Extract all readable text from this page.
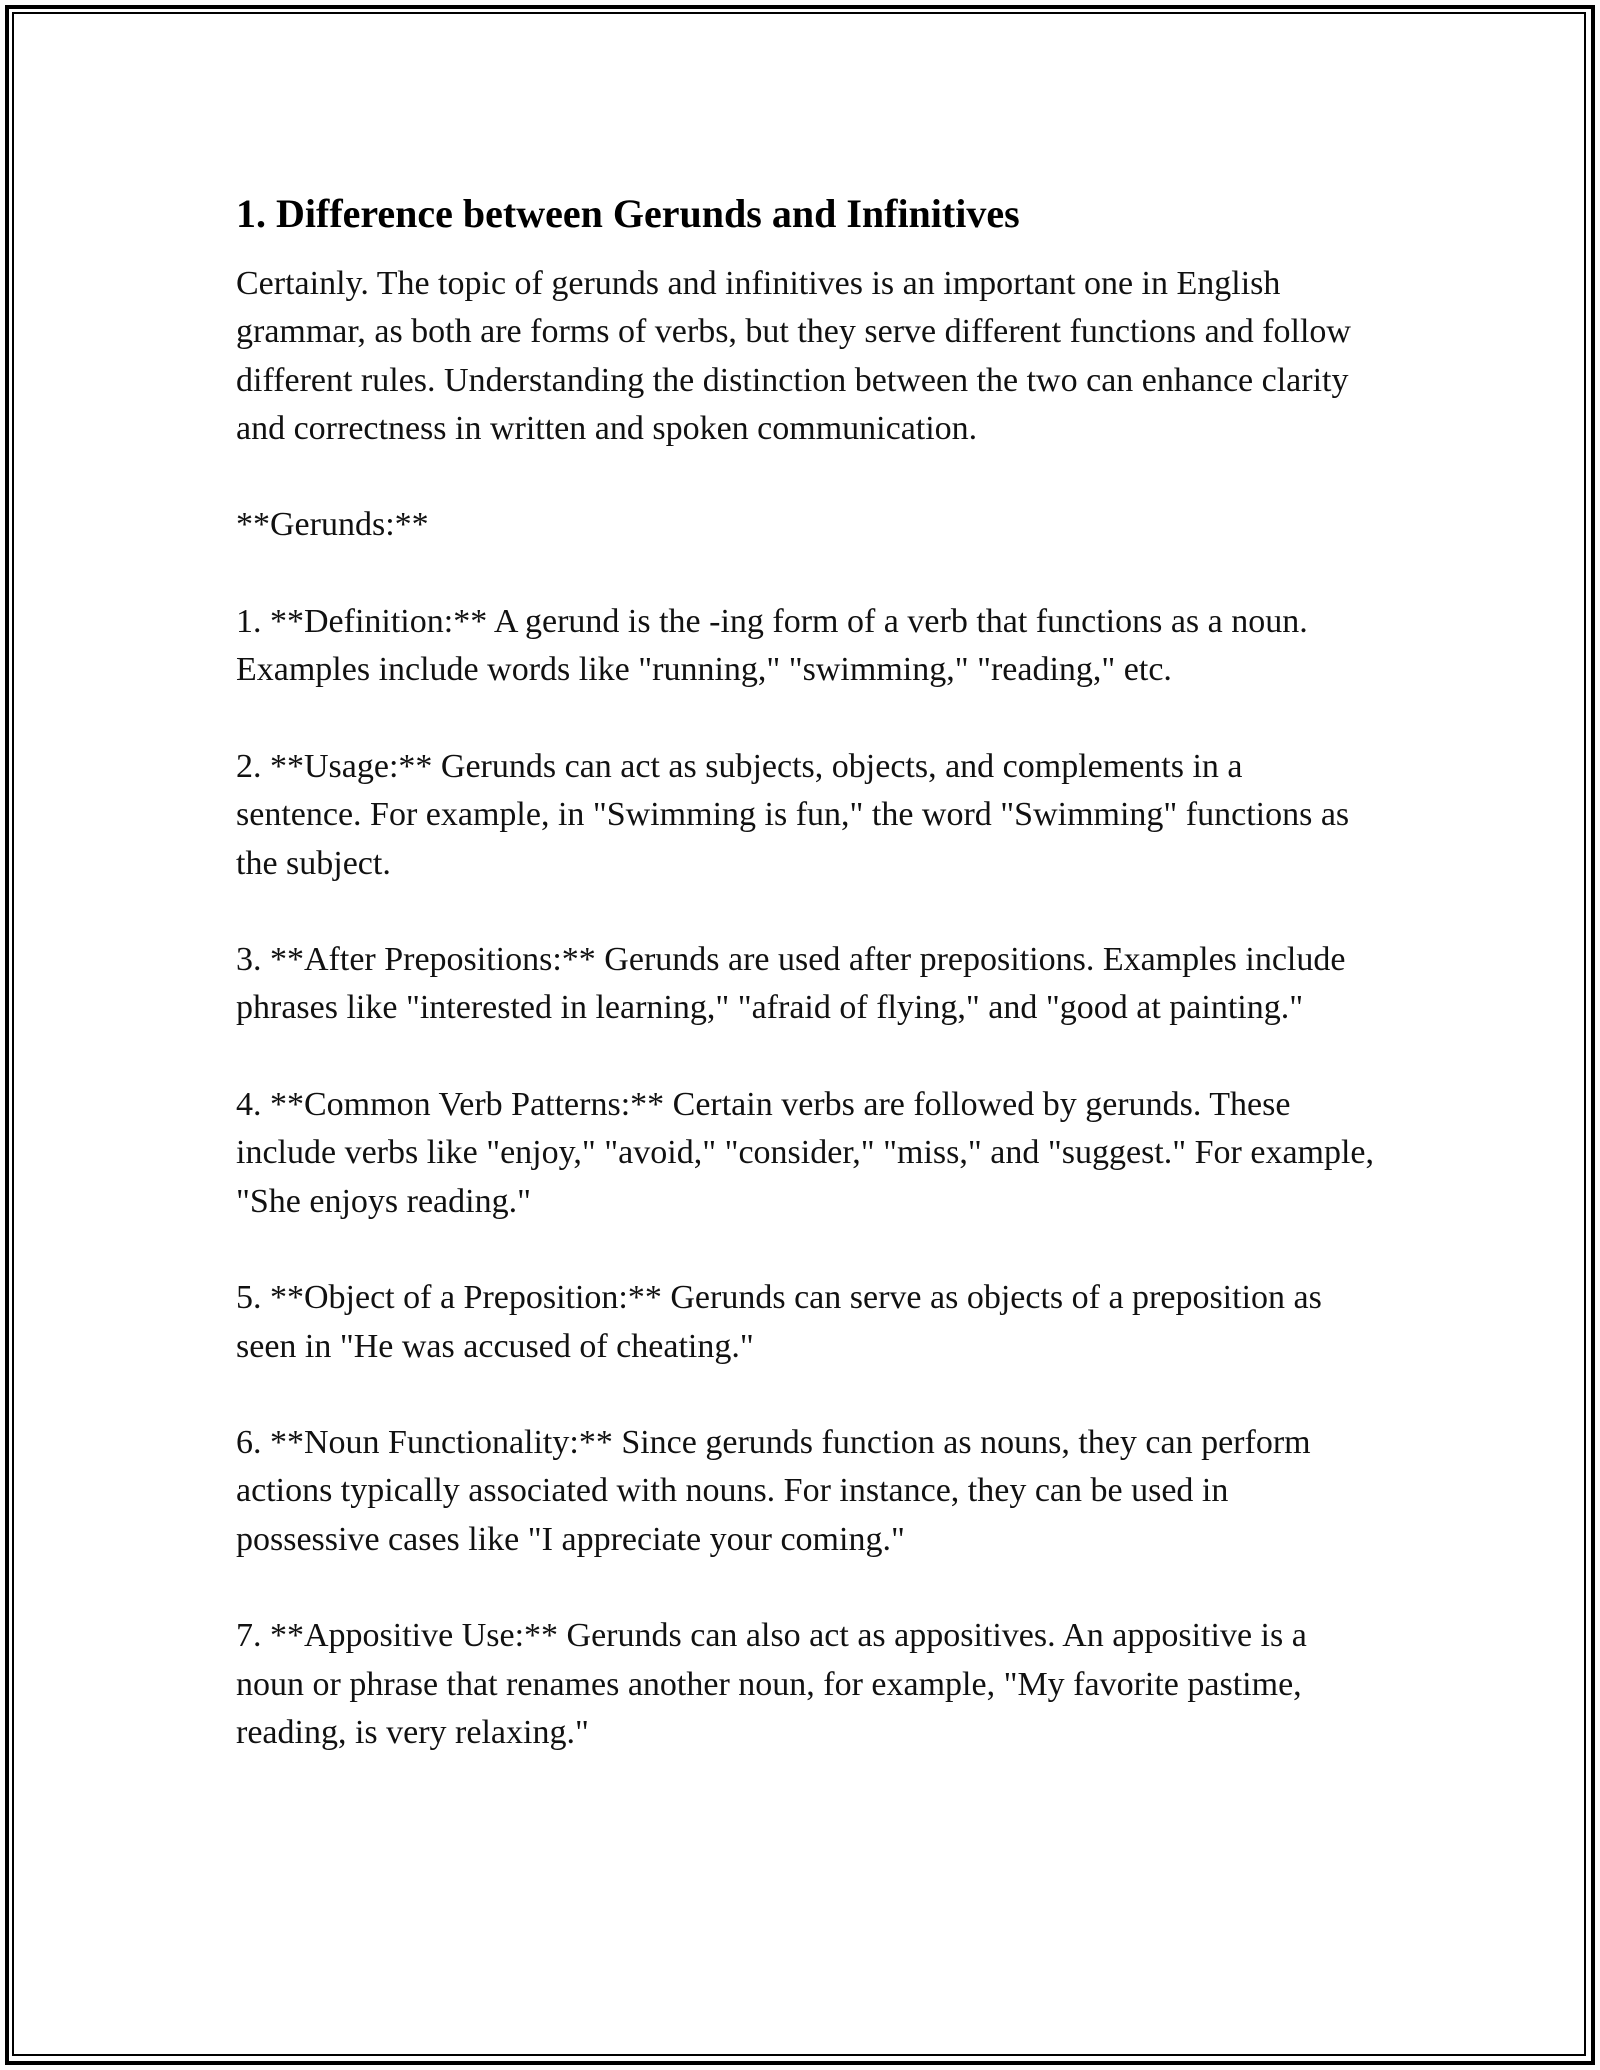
1. Difference between Gerunds and Infinitives

Certainly. The topic of gerunds and infinitives is an important one in English grammar, as both are forms of verbs, but they serve different functions and follow different rules. Understanding the distinction between the two can enhance clarity and correctness in written and spoken communication.

**Gerunds:**

1. **Definition:** A gerund is the -ing form of a verb that functions as a noun. Examples include words like "running," "swimming," "reading," etc.

2. **Usage:** Gerunds can act as subjects, objects, and complements in a sentence. For example, in "Swimming is fun," the word "Swimming" functions as the subject.

3. **After Prepositions:** Gerunds are used after prepositions. Examples include phrases like "interested in learning," "afraid of flying," and "good at painting."

4. **Common Verb Patterns:** Certain verbs are followed by gerunds. These include verbs like "enjoy," "avoid," "consider," "miss," and "suggest." For example, "She enjoys reading."

5. **Object of a Preposition:** Gerunds can serve as objects of a preposition as seen in "He was accused of cheating."

6. **Noun Functionality:** Since gerunds function as nouns, they can perform actions typically associated with nouns. For instance, they can be used in possessive cases like "I appreciate your coming."

7. **Appositive Use:** Gerunds can also act as appositives. An appositive is a noun or phrase that renames another noun, for example, "My favorite pastime, reading, is very relaxing."
